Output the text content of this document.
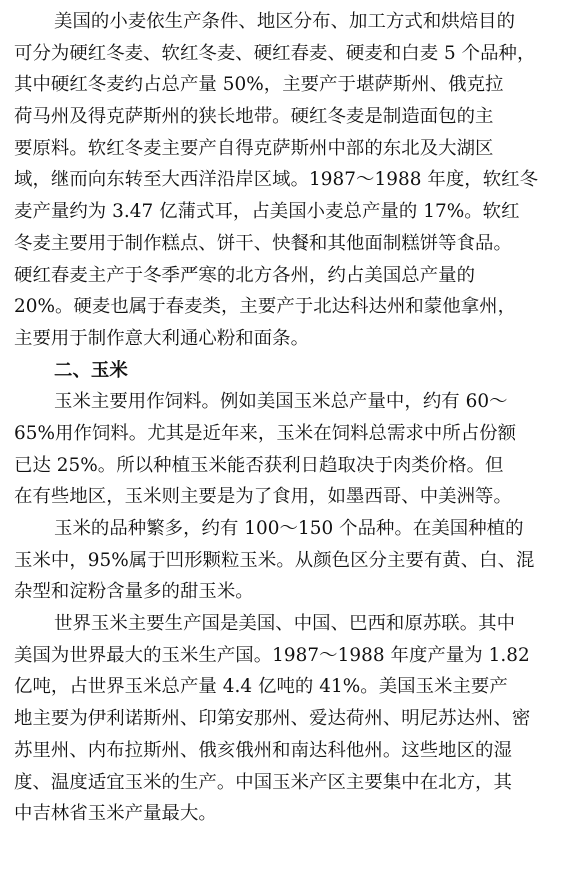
美国的小麦依生产条件、地区分布、加工方式和烘焙目的
可分为硬红冬麦、软红冬麦、硬红春麦、硬麦和白麦 5 个品种，
其中硬红冬麦约占总产量 50%，主要产于堪萨斯州、俄克拉
荷马州及得克萨斯州的狭长地带。硬红冬麦是制造面包的主
要原料。软红冬麦主要产自得克萨斯州中部的东北及大湖区
域，继而向东转至大西洋沿岸区域。1987～1988 年度，软红冬
麦产量约为 3.47 亿蒲式耳，占美国小麦总产量的 17%。软红
冬麦主要用于制作糕点、饼干、快餐和其他面制糕饼等食品。
硬红春麦主产于冬季严寒的北方各州，约占美国总产量的
20%。硬麦也属于春麦类，主要产于北达科达州和蒙他拿州，
主要用于制作意大利通心粉和面条。
二、玉米
玉米主要用作饲料。例如美国玉米总产量中，约有 60～
65%用作饲料。尤其是近年来，玉米在饲料总需求中所占份额
已达 25%。所以种植玉米能否获利日趋取决于肉类价格。但
在有些地区，玉米则主要是为了食用，如墨西哥、中美洲等。
玉米的品种繁多，约有 100～150 个品种。在美国种植的
玉米中，95%属于凹形颗粒玉米。从颜色区分主要有黄、白、混
杂型和淀粉含量多的甜玉米。
世界玉米主要生产国是美国、中国、巴西和原苏联。其中
美国为世界最大的玉米生产国。1987～1988 年度产量为 1.82
亿吨，占世界玉米总产量 4.4 亿吨的 41%。美国玉米主要产
地主要为伊利诺斯州、印第安那州、爱达荷州、明尼苏达州、密
苏里州、内布拉斯州、俄亥俄州和南达科他州。这些地区的湿
度、温度适宜玉米的生产。中国玉米产区主要集中在北方，其
中吉林省玉米产量最大。
